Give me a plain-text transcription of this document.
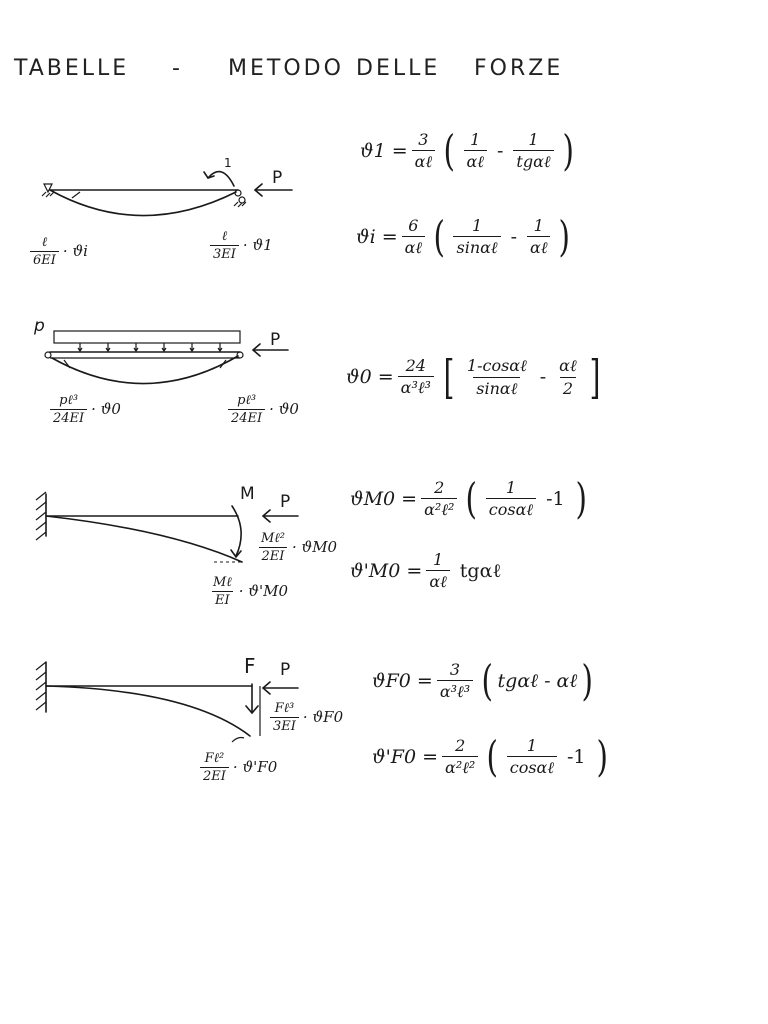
TABELLE - METODO DELLE FORZE
P
1
$\frac{\text{ℓ}}{6EI} \cdot ϑi$	$\frac{\text{ℓ}}{3EI} \cdot ϑ1$
$ϑ1 = \frac{3}{\text{αℓ}}$ ( $\frac{1}{\text{αℓ}} - \frac{1}{\text{tgαℓ}}$ )
$ϑi = \frac{6}{\text{αℓ}}$ ( $\frac{1}{\text{sinαℓ}} - \frac{1}{\text{αℓ}}$ )
p
P
$\frac{\text{pℓ³}}{24EI} \cdot ϑ0$	$\frac{\text{pℓ³}}{24EI} \cdot ϑ0$
$ϑ0 = \frac{24}{\text{α³ℓ³}}$ [ $\frac{\text{1-cosαℓ}}{\text{sinαℓ}} - \frac{\text{αℓ}}{2}$ ]
M P
$\frac{\text{Mℓ²}}{2EI} \cdot ϑM0$
$\frac{\text{Mℓ}}{EI} \cdot ϑ'M0$
$ϑM0 = \frac{2}{\text{α²ℓ²}}$ ( $\frac{1}{\text{cosαℓ}} -1$ )
$ϑ'M0 = \frac{1}{\text{αℓ}}$ tgαℓ
F P
$\frac{\text{Fℓ³}}{3EI} \cdot ϑF0$
$\frac{\text{Fℓ²}}{2EI} \cdot ϑ'F0$
$ϑF0 = \frac{3}{\text{α³ℓ³}}$ ( tgαℓ - αℓ )
$ϑ'F0 = \frac{2}{\text{α²ℓ²}}$ ( $\frac{1}{\text{cosαℓ}} -1$ )
